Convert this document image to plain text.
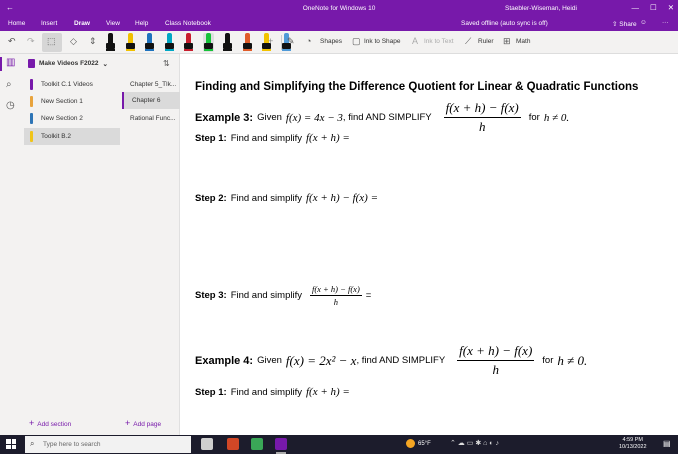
←	OneNote for Windows 10	Staebler-Wiseman, Heidi	— ☐ ✕
Home Insert	Draw View Help	Class Notebook	Saved offline (auto sync is off)	⇧ Share ☺ ···
↶ ↷ ⬚ ◇ ⇕	+ ✎ ◔ Shapes ▢ Ink to Shape A Ink to Text ⟋ Ruler ⊞ Math
▥
⌕
◷
Make Videos F2022 ⌄	⇅
Toolkit C.1 Videos
New Section 1
New Section 2
Toolkit B.2
Chapter 5_Tlk...
Chapter 6
Rational Func...
+ Add section	+ Add page
Finding and Simplifying the Difference Quotient for Linear & Quadratic Functions
Example 3: Given f(x) = 4x − 3 , find AND SIMPLIFY $\frac{f(x + h) - f(x)}{h}$ for h ≠ 0.
Step 1: Find and simplify f(x + h) =
Step 2: Find and simplify f(x + h) − f(x) =
Step 3: Find and simplify $\frac{f(x + h) - f(x)}{h}$ =
Example 4: Given f(x) = 2x² − x , find AND SIMPLIFY $\frac{f(x + h) - f(x)}{h}$ for h ≠ 0.
Step 1: Find and simplify f(x + h) =
⌕ Type here to search	65°F	⌃ ☁ ▭ ✱ ⌂ ◐ ♪	4:59 PM
10/13/2022 ▤
